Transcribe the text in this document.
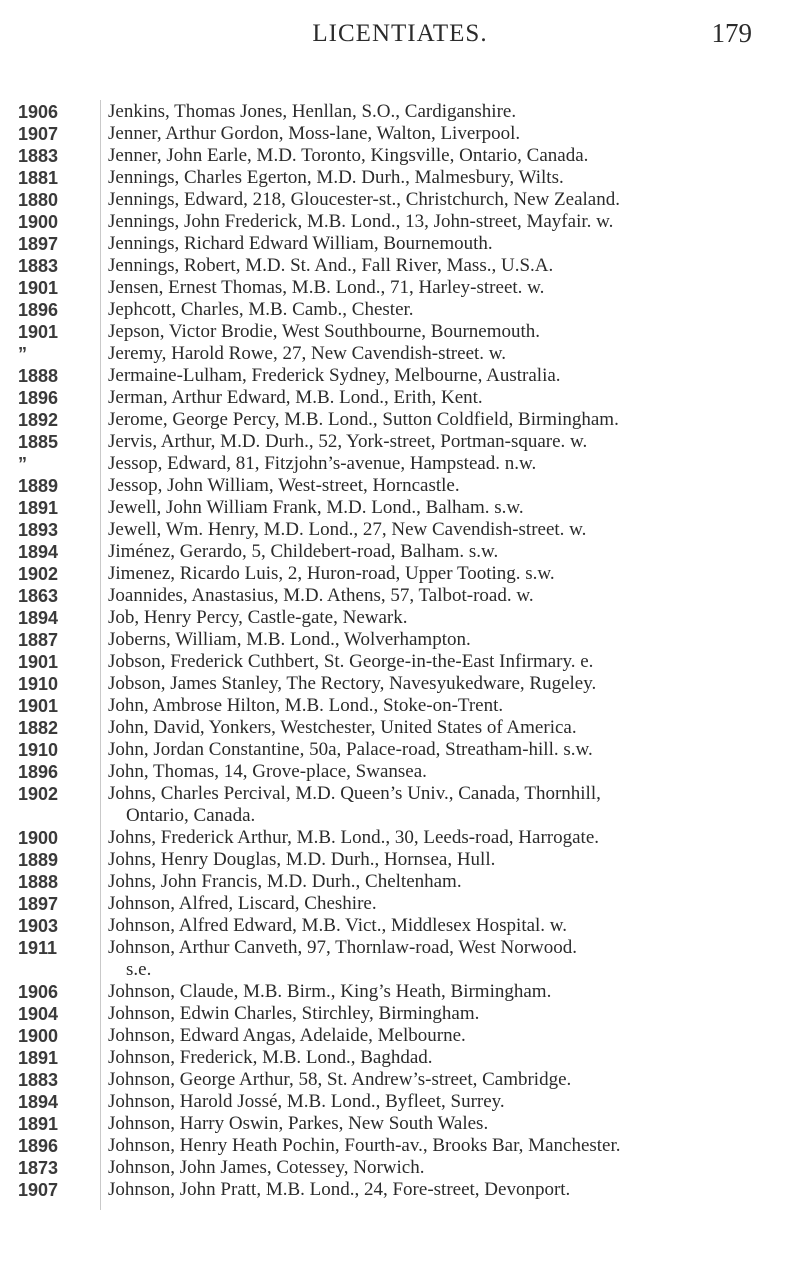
LICENTIATES.	179
1906	Jenkins, Thomas Jones, Henllan, S.O., Cardiganshire.
1907	Jenner, Arthur Gordon, Moss-lane, Walton, Liverpool.
1883	Jenner, John Earle, M.D. Toronto, Kingsville, Ontario, Canada.
1881	Jennings, Charles Egerton, M.D. Durh., Malmesbury, Wilts.
1880	Jennings, Edward, 218, Gloucester-st., Christchurch, New Zealand.
1900	Jennings, John Frederick, M.B. Lond., 13, John-street, Mayfair. w.
1897	Jennings, Richard Edward William, Bournemouth.
1883	Jennings, Robert, M.D. St. And., Fall River, Mass., U.S.A.
1901	Jensen, Ernest Thomas, M.B. Lond., 71, Harley-street. w.
1896	Jephcott, Charles, M.B. Camb., Chester.
1901	Jepson, Victor Brodie, West Southbourne, Bournemouth.
”	Jeremy, Harold Rowe, 27, New Cavendish-street. w.
1888	Jermaine-Lulham, Frederick Sydney, Melbourne, Australia.
1896	Jerman, Arthur Edward, M.B. Lond., Erith, Kent.
1892	Jerome, George Percy, M.B. Lond., Sutton Coldfield, Birmingham.
1885	Jervis, Arthur, M.D. Durh., 52, York-street, Portman-square. w.
”	Jessop, Edward, 81, Fitzjohn’s-avenue, Hampstead. n.w.
1889	Jessop, John William, West-street, Horncastle.
1891	Jewell, John William Frank, M.D. Lond., Balham. s.w.
1893	Jewell, Wm. Henry, M.D. Lond., 27, New Cavendish-street. w.
1894	Jiménez, Gerardo, 5, Childebert-road, Balham. s.w.
1902	Jimenez, Ricardo Luis, 2, Huron-road, Upper Tooting. s.w.
1863	Joannides, Anastasius, M.D. Athens, 57, Talbot-road. w.
1894	Job, Henry Percy, Castle-gate, Newark.
1887	Joberns, William, M.B. Lond., Wolverhampton.
1901	Jobson, Frederick Cuthbert, St. George-in-the-East Infirmary. e.
1910	Jobson, James Stanley, The Rectory, Navesyukedware, Rugeley.
1901	John, Ambrose Hilton, M.B. Lond., Stoke-on-Trent.
1882	John, David, Yonkers, Westchester, United States of America.
1910	John, Jordan Constantine, 50a, Palace-road, Streatham-hill. s.w.
1896	John, Thomas, 14, Grove-place, Swansea.
1902	Johns, Charles Percival, M.D. Queen’s Univ., Canada, Thornhill,
Ontario, Canada.
1900	Johns, Frederick Arthur, M.B. Lond., 30, Leeds-road, Harrogate.
1889	Johns, Henry Douglas, M.D. Durh., Hornsea, Hull.
1888	Johns, John Francis, M.D. Durh., Cheltenham.
1897	Johnson, Alfred, Liscard, Cheshire.
1903	Johnson, Alfred Edward, M.B. Vict., Middlesex Hospital. w.
1911	Johnson, Arthur Canveth, 97, Thornlaw-road, West Norwood.
s.e.
1906	Johnson, Claude, M.B. Birm., King’s Heath, Birmingham.
1904	Johnson, Edwin Charles, Stirchley, Birmingham.
1900	Johnson, Edward Angas, Adelaide, Melbourne.
1891	Johnson, Frederick, M.B. Lond., Baghdad.
1883	Johnson, George Arthur, 58, St. Andrew’s-street, Cambridge.
1894	Johnson, Harold Jossé, M.B. Lond., Byfleet, Surrey.
1891	Johnson, Harry Oswin, Parkes, New South Wales.
1896	Johnson, Henry Heath Pochin, Fourth-av., Brooks Bar, Manchester.
1873	Johnson, John James, Cotessey, Norwich.
1907	Johnson, John Pratt, M.B. Lond., 24, Fore-street, Devonport.
